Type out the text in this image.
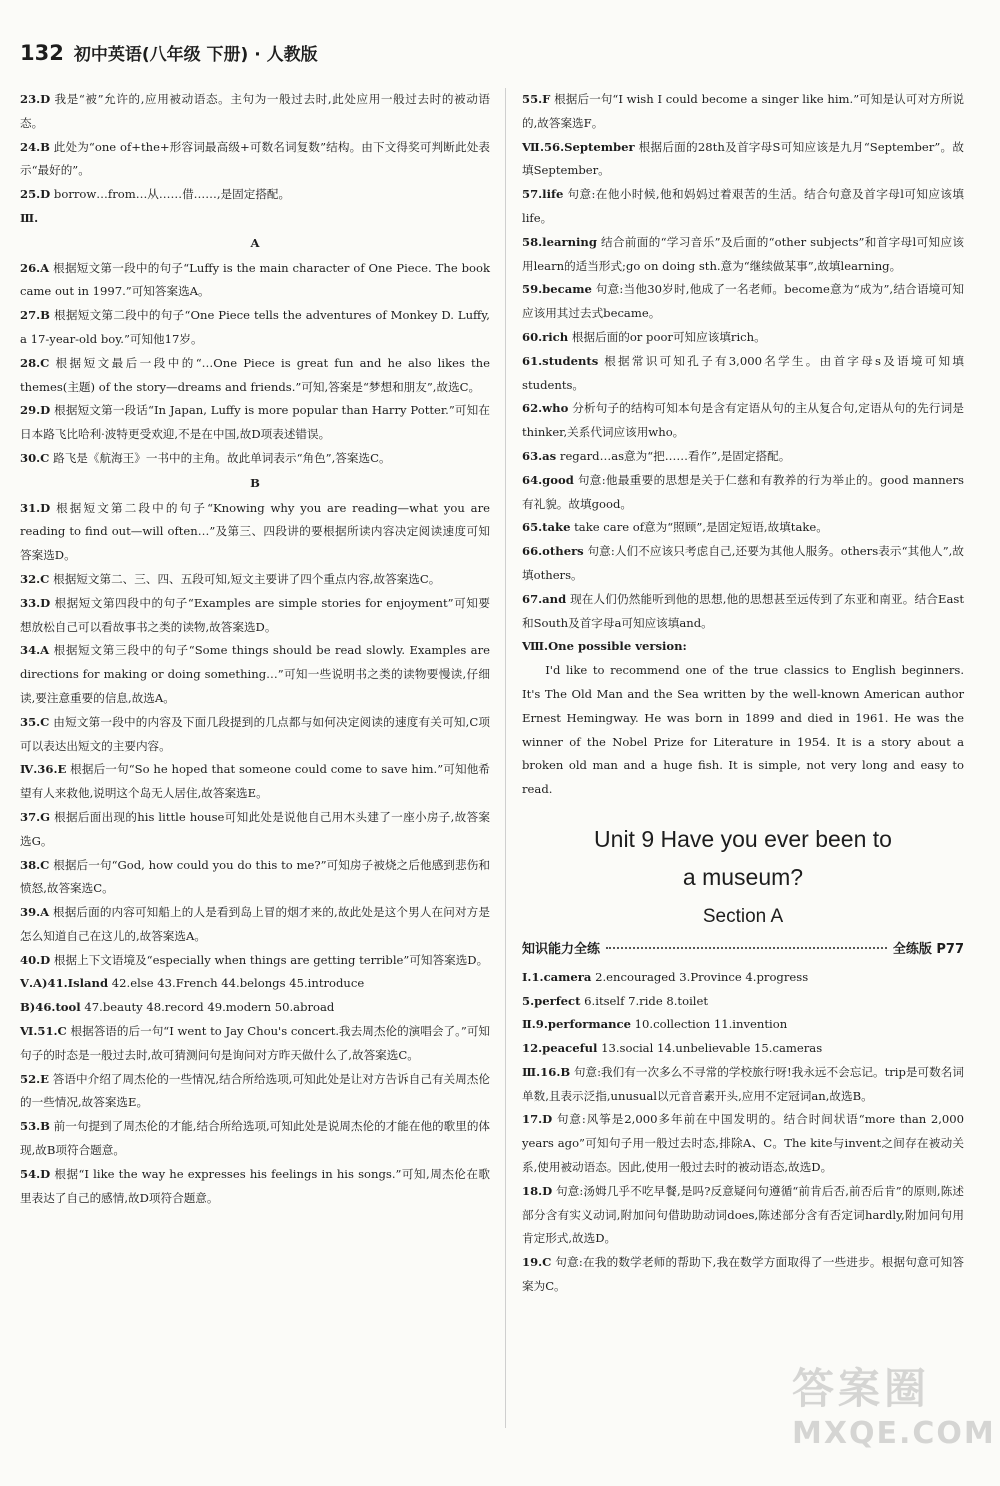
132 初中英语(八年级 下册) · 人教版
23.D 我是“被”允许的,应用被动语态。主句为一般过去时,此处应用一般过去时的被动语态。
24.B 此处为“one of+the+形容词最高级+可数名词复数”结构。由下文得奖可判断此处表示“最好的”。
25.D borrow…from…从……借……,是固定搭配。
Ⅲ.
A
26.A 根据短文第一段中的句子“Luffy is the main character of One Piece. The book came out in 1997.”可知答案选A。
27.B 根据短文第二段中的句子“One Piece tells the adventures of Monkey D. Luffy, a 17-year-old boy.”可知他17岁。
28.C 根据短文最后一段中的“…One Piece is great fun and he also likes the themes(主题) of the story—dreams and friends.”可知,答案是“梦想和朋友”,故选C。
29.D 根据短文第一段话“In Japan, Luffy is more popular than Harry Potter.”可知在日本路飞比哈利·波特更受欢迎,不是在中国,故D项表述错误。
30.C 路飞是《航海王》一书中的主角。故此单词表示“角色”,答案选C。
B
31.D 根据短文第二段中的句子“Knowing why you are reading—what you are reading to find out—will often…”及第三、四段讲的要根据所读内容决定阅读速度可知答案选D。
32.C 根据短文第二、三、四、五段可知,短文主要讲了四个重点内容,故答案选C。
33.D 根据短文第四段中的句子“Examples are simple stories for enjoyment”可知要想放松自己可以看故事书之类的读物,故答案选D。
34.A 根据短文第三段中的句子“Some things should be read slowly. Examples are directions for making or doing something…”可知一些说明书之类的读物要慢读,仔细读,要注意重要的信息,故选A。
35.C 由短文第一段中的内容及下面几段提到的几点都与如何决定阅读的速度有关可知,C项可以表达出短文的主要内容。
Ⅳ.36.E 根据后一句“So he hoped that someone could come to save him.”可知他希望有人来救他,说明这个岛无人居住,故答案选E。
37.G 根据后面出现的his little house可知此处是说他自己用木头建了一座小房子,故答案选G。
38.C 根据后一句“God, how could you do this to me?”可知房子被烧之后他感到悲伤和愤怒,故答案选C。
39.A 根据后面的内容可知船上的人是看到岛上冒的烟才来的,故此处是这个男人在问对方是怎么知道自己在这儿的,故答案选A。
40.D 根据上下文语境及“especially when things are getting terrible”可知答案选D。
Ⅴ.A)41.Island 42.else 43.French 44.belongs 45.introduce
B)46.tool 47.beauty 48.record 49.modern 50.abroad
Ⅵ.51.C 根据答语的后一句“I went to Jay Chou's concert.我去周杰伦的演唱会了。”可知句子的时态是一般过去时,故可猜测问句是询问对方昨天做什么了,故答案选C。
52.E 答语中介绍了周杰伦的一些情况,结合所给选项,可知此处是让对方告诉自己有关周杰伦的一些情况,故答案选E。
53.B 前一句提到了周杰伦的才能,结合所给选项,可知此处是说周杰伦的才能在他的歌里的体现,故B项符合题意。
54.D 根据“I like the way he expresses his feelings in his songs.”可知,周杰伦在歌里表达了自己的感情,故D项符合题意。
55.F 根据后一句“I wish I could become a singer like him.”可知是认可对方所说的,故答案选F。
Ⅶ.56.September 根据后面的28th及首字母S可知应该是九月“September”。故填September。
57.life 句意:在他小时候,他和妈妈过着艰苦的生活。结合句意及首字母l可知应该填life。
58.learning 结合前面的“学习音乐”及后面的“other subjects”和首字母l可知应该用learn的适当形式;go on doing sth.意为“继续做某事”,故填learning。
59.became 句意:当他30岁时,他成了一名老师。become意为“成为”,结合语境可知应该用其过去式became。
60.rich 根据后面的or poor可知应该填rich。
61.students 根据常识可知孔子有3,000名学生。由首字母s及语境可知填students。
62.who 分析句子的结构可知本句是含有定语从句的主从复合句,定语从句的先行词是thinker,关系代词应该用who。
63.as regard…as意为“把……看作”,是固定搭配。
64.good 句意:他最重要的思想是关于仁慈和有教养的行为举止的。good manners有礼貌。故填good。
65.take take care of意为“照顾”,是固定短语,故填take。
66.others 句意:人们不应该只考虑自己,还要为其他人服务。others表示“其他人”,故填others。
67.and 现在人们仍然能听到他的思想,他的思想甚至远传到了东亚和南亚。结合East和South及首字母a可知应该填and。
Ⅷ.One possible version:
I'd like to recommend one of the true classics to English beginners. It's The Old Man and the Sea written by the well-known American author Ernest Hemingway. He was born in 1899 and died in 1961. He was the winner of the Nobel Prize for Literature in 1954. It is a story about a broken old man and a huge fish. It is simple, not very long and easy to read.
Unit 9 Have you ever been to
a museum?
Section A
知识能力全练	全练版 P77
Ⅰ.1.camera 2.encouraged 3.Province 4.progress
5.perfect 6.itself 7.ride 8.toilet
Ⅱ.9.performance 10.collection 11.invention
12.peaceful 13.social 14.unbelievable 15.cameras
Ⅲ.16.B 句意:我们有一次多么不寻常的学校旅行呀!我永远不会忘记。trip是可数名词单数,且表示泛指,unusual以元音音素开头,应用不定冠词an,故选B。
17.D 句意:风筝是2,000多年前在中国发明的。结合时间状语“more than 2,000 years ago”可知句子用一般过去时态,排除A、C。The kite与invent之间存在被动关系,使用被动语态。因此,使用一般过去时的被动语态,故选D。
18.D 句意:汤姆几乎不吃早餐,是吗?反意疑问句遵循“前肯后否,前否后肯”的原则,陈述部分含有实义动词,附加问句借助助动词does,陈述部分含有否定词hardly,附加问句用肯定形式,故选D。
19.C 句意:在我的数学老师的帮助下,我在数学方面取得了一些进步。根据句意可知答案为C。
答案圈
MXQE.COM
